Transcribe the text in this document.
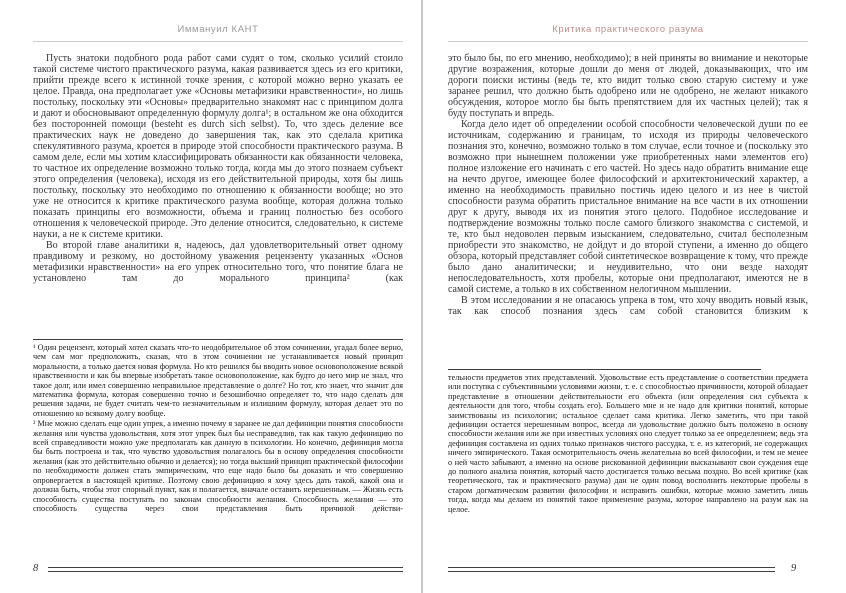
Иммануил КАНТ

Пусть знатоки подобного рода работ сами судят о том, сколько усилий стоило такой системе чистого практического разума, какая развивается здесь из его критики, прийти прежде всего к истинной точке зрения, с которой можно верно указать ее целое. Правда, она предполагает уже «Основы метафизики нравственности», но лишь постольку, поскольку эти «Основы» предварительно знакомят нас с принципом долга и дают и обосновывают определенную формулу долга¹; в остальном же она обходится без посторонней помощи (besteht es durch sich selbst). То, что здесь деление все практических наук не доведено до завершения так, как это сделала критика спекулятивного разума, кроется в природе этой способности практического разума. В самом деле, если мы хотим классифицировать обязанности как обязанности человека, то частное их определение возможно только тогда, когда мы до этого познаем субъект этого определения (человека), исходя из его действительной природы, хотя бы лишь постольку, поскольку это необходимо по отношению к обязанности вообще; но это уже не относится к критике практического разума вообще, которая должна только показать принципы его возможности, объема и границ полностью без особого отношения к человеческой природе. Это деление относится, следовательно, к системе науки, а не к системе критики.

Во второй главе аналитики я, надеюсь, дал удовлетворительный ответ одному правдивому и резкому, но достойному уважения рецензенту указанных «Основ метафизики нравственности» на его упрек относительно того, что понятие блага не установлено там до морального принципа² (как

¹ Один рецензент, который хотел сказать что-то неодобрительное об этом сочинении, угадал более верно, чем сам мог предположить, сказав, что в этом сочинении не устанавливается новый принцип моральности, а только дается новая формула. Но кто решился бы вводить новое основоположение всякой нравственности и как бы впервые изобретать такое основоположение, как будто до него мир не знал, что такое долг, или имел совершенно неправильное представление о долге? Но тот, кто знает, что значит для математика формула, которая совершенно точно и безошибочно определяет то, что надо сделать для решения задачи, не будет считать чем-то незначительным и излишним формулу, которая делает это по отношению ко всякому долгу вообще.

² Мне можно сделать еще один упрек, а именно почему я заранее не дал дефиниции понятия способности желания или чувства удовольствия, хотя этот упрек был бы несправедлив, так как такую дефиницию по всей справедливости можно уже предполагать как данную в психологии. Но конечно, дефиниция могла бы быть построена и так, что чувство удовольствия полагалось бы в основу определения способности желания (как это действительно обычно и делается); но тогда высший принцип практической философии по необходимости должен стать эмпирическим, что еще надо было бы доказать и что совершенно опровергается в настоящей критике. Поэтому свою дефиницию я хочу здесь дать такой, какой она и должна быть, чтобы этот спорный пункт, как и полагается, вначале оставить нерешенным. — Жизнь есть способность существа поступать по законам способности желания. Способность желания — это способность существа через свои представления быть причиной действи-

8
Критика практического разума

это было бы, по его мнению, необходимо); в ней приняты во внимание и некоторые другие возражения, которые дошли до меня от людей, доказывающих, что им дороги поиски истины (ведь те, кто видит только свою старую систему и уже заранее решил, что должно быть одобрено или не одобрено, не желают никакого обсуждения, которое могло бы быть препятствием для их частных целей); так я буду поступать и впредь.

Когда дело идет об определении особой способности человеческой души по ее источникам, содержанию и границам, то исходя из природы человеческого познания это, конечно, возможно только в том случае, если точное и (поскольку это возможно при нынешнем положении уже приобретенных нами элементов его) полное изложение его начинать с его частей. Но здесь надо обратить внимание еще на нечто другое, имеющее более философский и архитектонический характер, а именно на необходимость правильно постичь идею целого и из нее в чистой способности разума обратить пристальное внимание на все части в их отношении друг к другу, выводя их из понятия этого целого. Подобное исследование и подтверждение возможны только после самого близкого знакомства с системой, и те, кто был недоволен первым изысканием, следовательно, считал бесполезным приобрести это знакомство, не дойдут и до второй ступени, а именно до общего обзора, который представляет собой синтетическое возвращение к тому, что прежде было дано аналитически; и неудивительно, что они везде находят непоследовательность, хотя пробелы, которые они предполагают, имеются не в самой системе, а только в их собственном нелогичном мышлении.

В этом исследовании я не опасаюсь упрека в том, что хочу вводить новый язык, так как способ познания здесь сам собой становится близким к

тельности предметов этих представлений. Удовольствие есть представление о соответствии предмета или поступка с субъективными условиями жизни, т. е. с способностью причинности, которой обладает представление в отношении действительности его объекта (или определения сил субъекта к деятельности для того, чтобы создать его). Большего мне и не надо для критики понятий, которые заимствованы из психологии; остальное сделает сама критика. Легко заметить, что при такой дефиниции остается нерешенным вопрос, всегда ли удовольствие должно быть положено в основу способности желания или же при известных условиях оно следует только за ее определением; ведь эта дефиниция составлена из одних только признаков чистого рассудка, т. е. из категорий, не содержащих ничего эмпирического. Такая осмотрительность очень желательна во всей философии, и тем не менее о ней часто забывают, а именно на основе рискованной дефиниции высказывают свои суждения еще до полного анализа понятия, который часто достигается только весьма поздно. Во всей критике (как теоретического, так и практического разума) дан не один повод восполнить некоторые пробелы в старом догматическом развитии философии и исправить ошибки, которые можно заметить лишь тогда, когда мы делаем из понятий такое применение разума, которое направлено на разум как на целое.

9
